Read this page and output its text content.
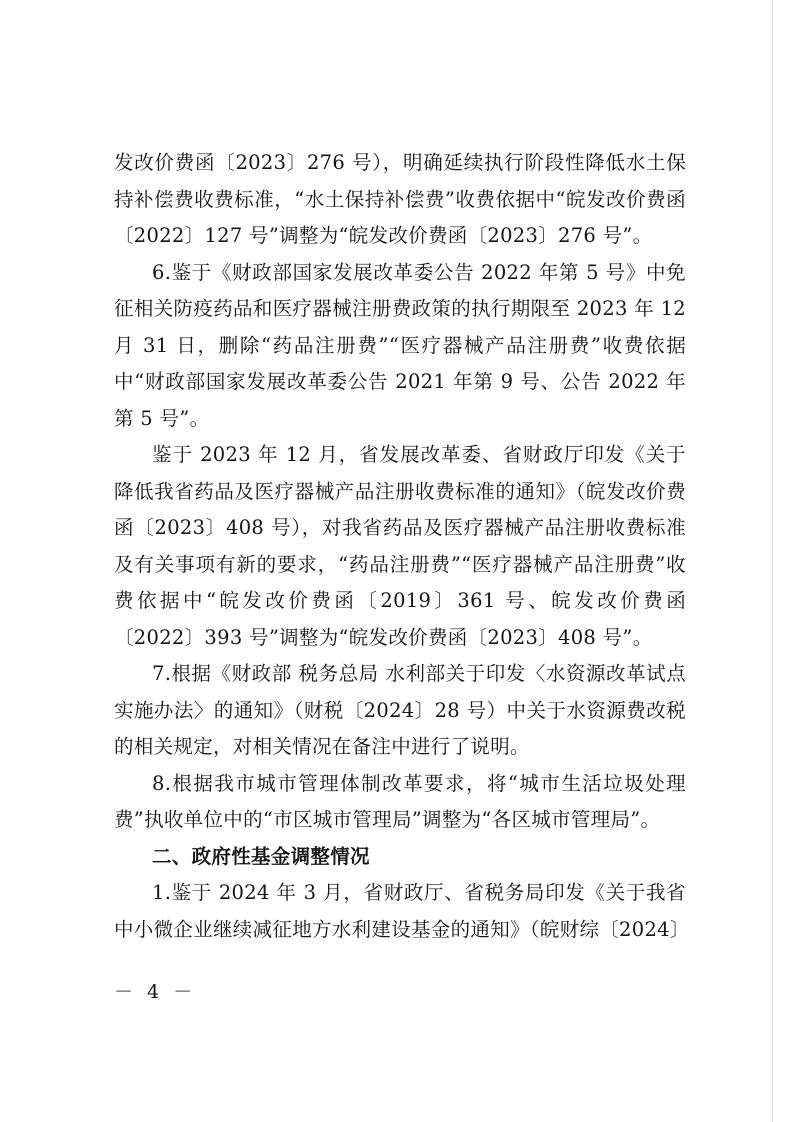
发改价费函〔2023〕276 号），明确延续执行阶段性降低水土保持补偿费收费标准，“水土保持补偿费”收费依据中“皖发改价费函〔2022〕127 号”调整为“皖发改价费函〔2023〕276 号”。

6.鉴于《财政部国家发展改革委公告 2022 年第 5 号》中免征相关防疫药品和医疗器械注册费政策的执行期限至 2023 年 12 月 31 日，删除“药品注册费”“医疗器械产品注册费”收费依据中“财政部国家发展改革委公告 2021 年第 9 号、公告 2022 年第 5 号”。

鉴于 2023 年 12 月，省发展改革委、省财政厅印发《关于降低我省药品及医疗器械产品注册收费标准的通知》（皖发改价费函〔2023〕408 号），对我省药品及医疗器械产品注册收费标准及有关事项有新的要求，“药品注册费”“医疗器械产品注册费”收费依据中“皖发改价费函〔2019〕361 号、皖发改价费函〔2022〕393 号”调整为“皖发改价费函〔2023〕408 号”。

7.根据《财政部 税务总局 水利部关于印发〈水资源改革试点实施办法〉的通知》（财税〔2024〕28 号）中关于水资源费改税的相关规定，对相关情况在备注中进行了说明。

8.根据我市城市管理体制改革要求，将“城市生活垃圾处理费”执收单位中的“市区城市管理局”调整为“各区城市管理局”。

二、政府性基金调整情况

1.鉴于 2024 年 3 月，省财政厅、省税务局印发《关于我省中小微企业继续减征地方水利建设基金的通知》（皖财综〔2024〕

－ 4 －
